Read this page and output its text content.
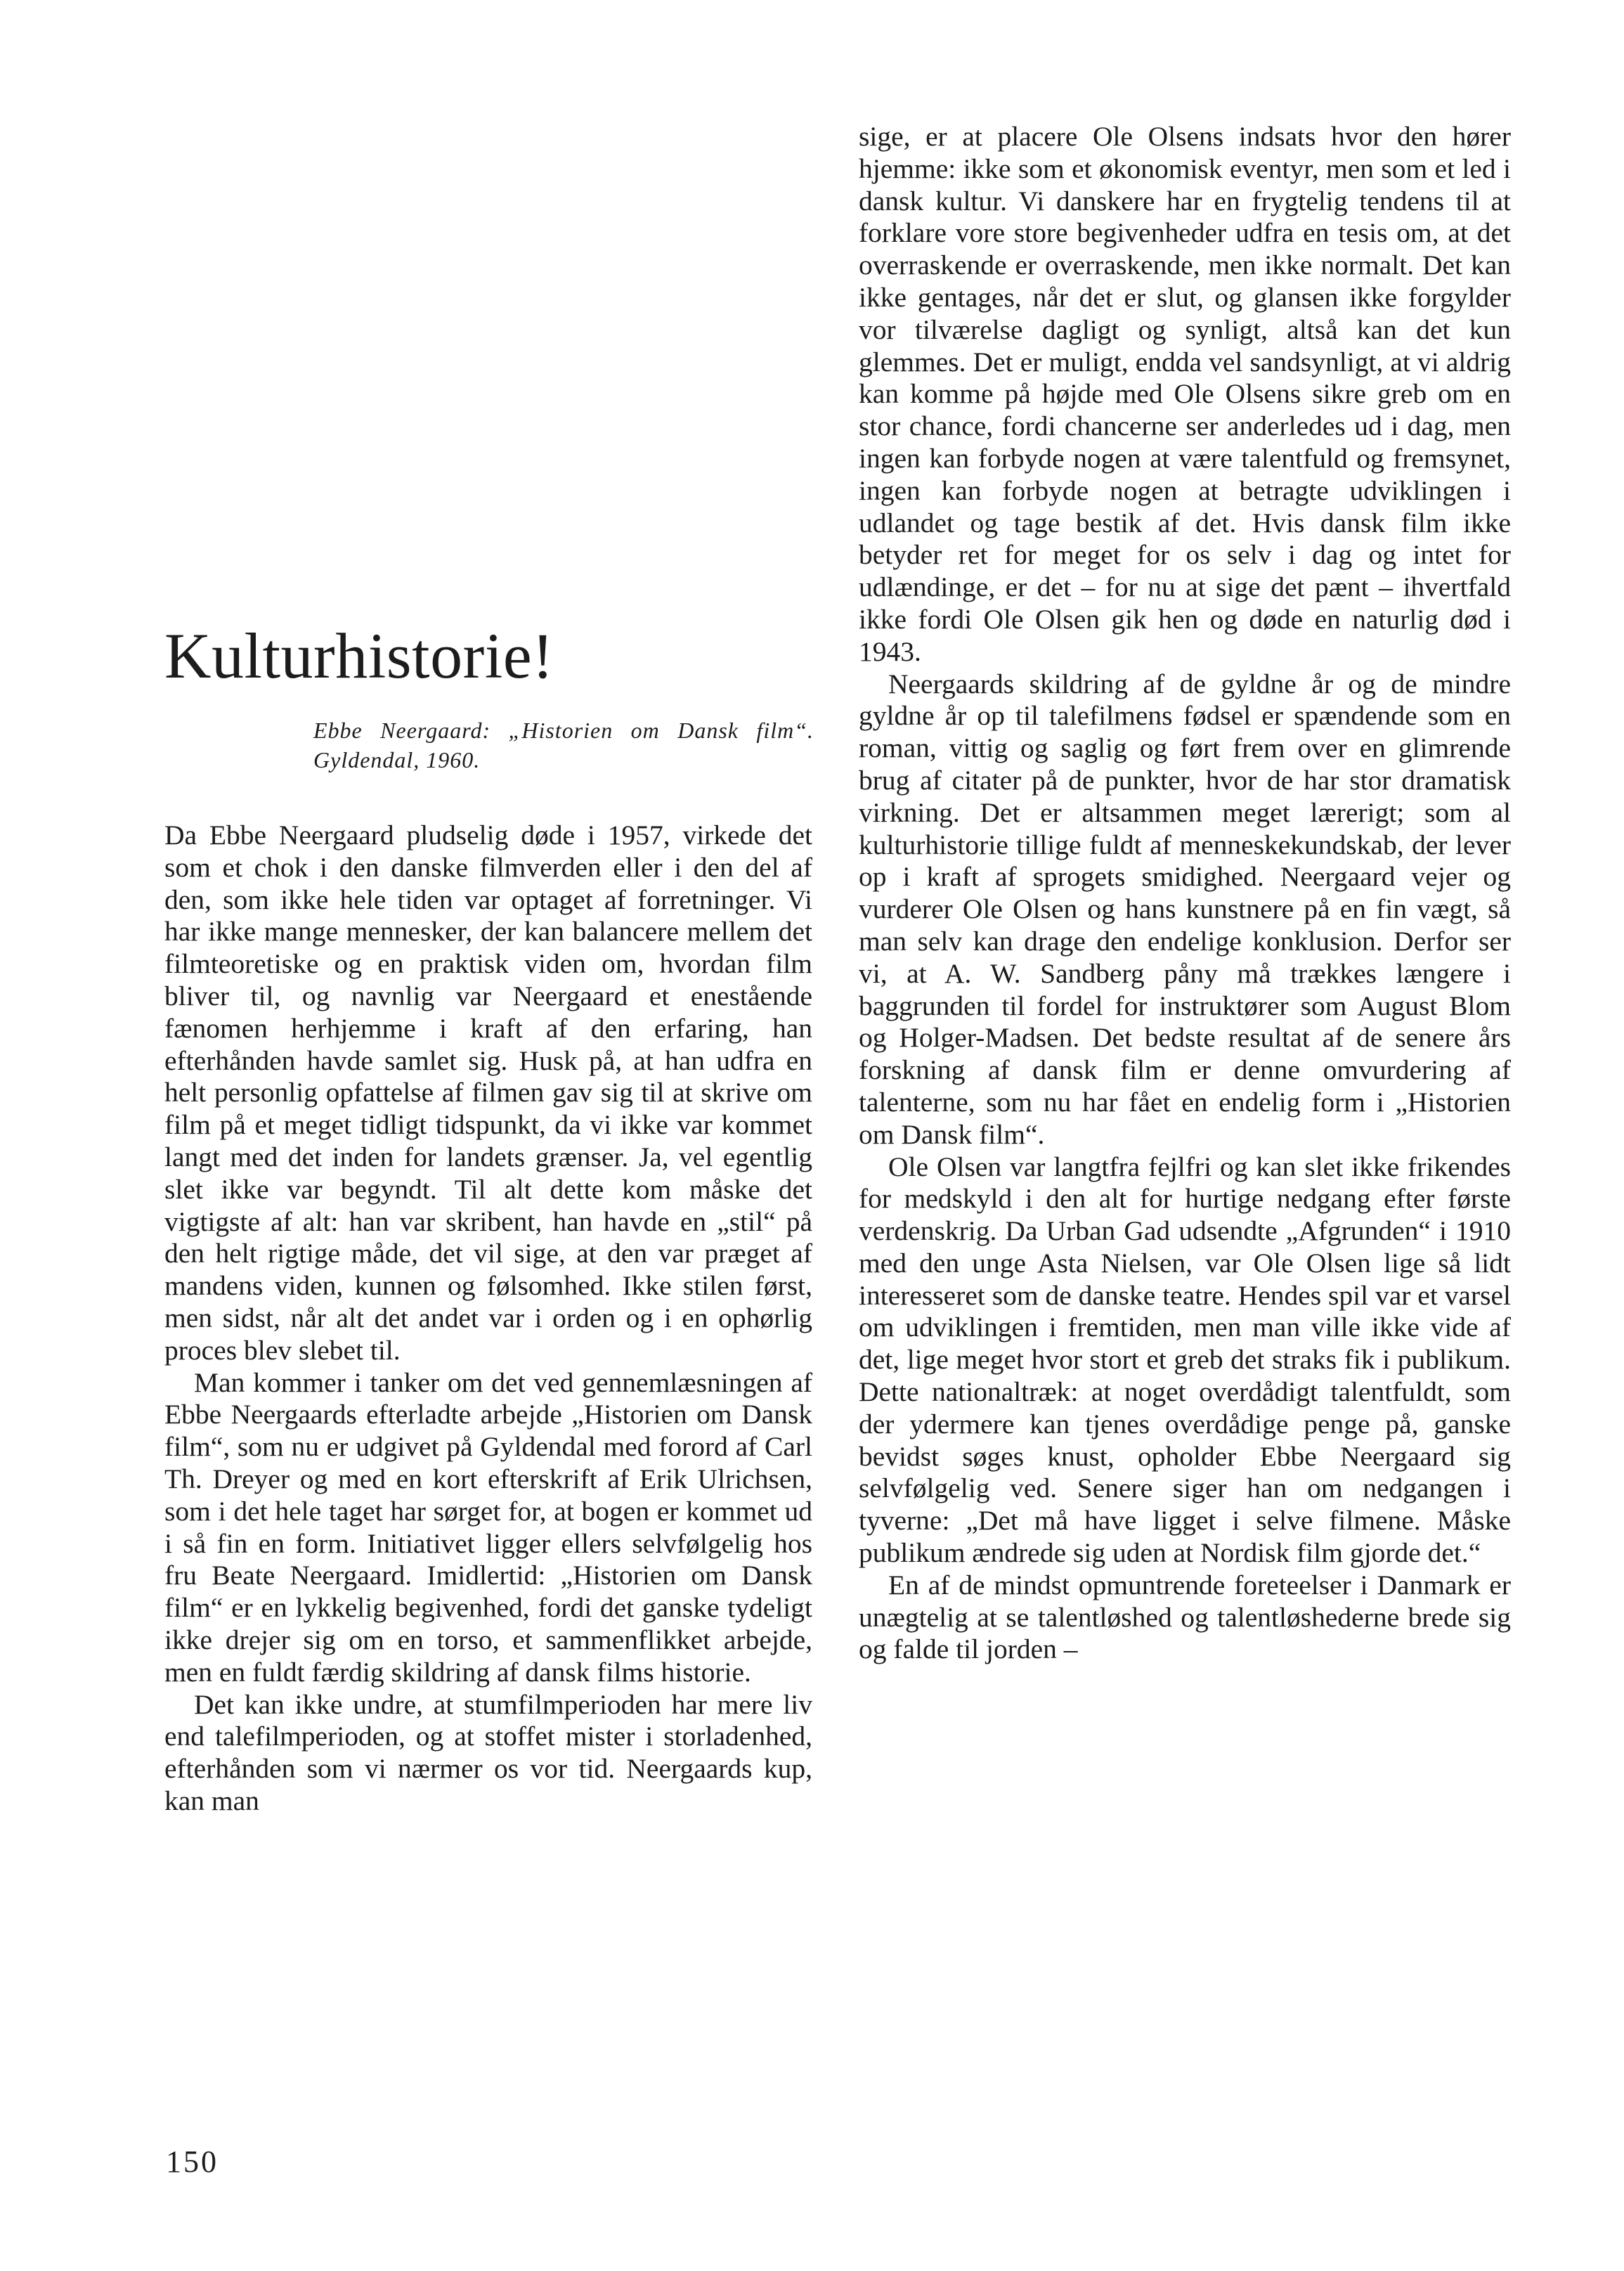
Kulturhistorie!
Ebbe Neergaard: „Historien om Dansk film“. Gyldendal, 1960.

Da Ebbe Neergaard pludselig døde i 1957, virkede det som et chok i den danske filmverden eller i den del af den, som ikke hele tiden var optaget af forretninger. Vi har ikke mange mennesker, der kan balancere mellem det filmteoretiske og en praktisk viden om, hvordan film bliver til, og navnlig var Neergaard et enestående fænomen herhjemme i kraft af den erfaring, han efterhånden havde samlet sig. Husk på, at han udfra en helt personlig opfattelse af filmen gav sig til at skrive om film på et meget tidligt tidspunkt, da vi ikke var kommet langt med det inden for landets grænser. Ja, vel egentlig slet ikke var begyndt. Til alt dette kom måske det vigtigste af alt: han var skribent, han havde en „stil“ på den helt rigtige måde, det vil sige, at den var præget af mandens viden, kunnen og følsomhed. Ikke stilen først, men sidst, når alt det andet var i orden og i en ophørlig proces blev slebet til.

Man kommer i tanker om det ved gennemlæsningen af Ebbe Neergaards efterladte arbejde „Historien om Dansk film“, som nu er udgivet på Gyldendal med forord af Carl Th. Dreyer og med en kort efterskrift af Erik Ulrichsen, som i det hele taget har sørget for, at bogen er kommet ud i så fin en form. Initiativet ligger ellers selvfølgelig hos fru Beate Neergaard. Imidlertid: „Historien om Dansk film“ er en lykkelig begivenhed, fordi det ganske tydeligt ikke drejer sig om en torso, et sammenflikket arbejde, men en fuldt færdig skildring af dansk films historie.

Det kan ikke undre, at stumfilmperioden har mere liv end talefilmperioden, og at stoffet mister i storladenhed, efterhånden som vi nærmer os vor tid. Neergaards kup, kan man

sige, er at placere Ole Olsens indsats hvor den hører hjemme: ikke som et økonomisk eventyr, men som et led i dansk kultur. Vi danskere har en frygtelig tendens til at forklare vore store begivenheder udfra en tesis om, at det overraskende er overraskende, men ikke normalt. Det kan ikke gentages, når det er slut, og glansen ikke forgylder vor tilværelse dagligt og synligt, altså kan det kun glemmes. Det er muligt, endda vel sandsynligt, at vi aldrig kan komme på højde med Ole Olsens sikre greb om en stor chance, fordi chancerne ser anderledes ud i dag, men ingen kan forbyde nogen at være talentfuld og fremsynet, ingen kan forbyde nogen at betragte udviklingen i udlandet og tage bestik af det. Hvis dansk film ikke betyder ret for meget for os selv i dag og intet for udlændinge, er det – for nu at sige det pænt – ihvertfald ikke fordi Ole Olsen gik hen og døde en naturlig død i 1943.

Neergaards skildring af de gyldne år og de mindre gyldne år op til talefilmens fødsel er spændende som en roman, vittig og saglig og ført frem over en glimrende brug af citater på de punkter, hvor de har stor dramatisk virkning. Det er altsammen meget lærerigt; som al kulturhistorie tillige fuldt af menneskekundskab, der lever op i kraft af sprogets smidighed. Neergaard vejer og vurderer Ole Olsen og hans kunstnere på en fin vægt, så man selv kan drage den endelige konklusion. Derfor ser vi, at A. W. Sandberg påny må trækkes længere i baggrunden til fordel for instruktører som August Blom og Holger-Madsen. Det bedste resultat af de senere års forskning af dansk film er denne omvurdering af talenterne, som nu har fået en endelig form i „Historien om Dansk film“.

Ole Olsen var langtfra fejlfri og kan slet ikke frikendes for medskyld i den alt for hurtige nedgang efter første verdenskrig. Da Urban Gad udsendte „Afgrunden“ i 1910 med den unge Asta Nielsen, var Ole Olsen lige så lidt interesseret som de danske teatre. Hendes spil var et varsel om udviklingen i fremtiden, men man ville ikke vide af det, lige meget hvor stort et greb det straks fik i publikum. Dette nationaltræk: at noget overdådigt talentfuldt, som der ydermere kan tjenes overdådige penge på, ganske bevidst søges knust, opholder Ebbe Neergaard sig selvfølgelig ved. Senere siger han om nedgangen i tyverne: „Det må have ligget i selve filmene. Måske publikum ændrede sig uden at Nordisk film gjorde det.“

En af de mindst opmuntrende foreteelser i Danmark er unægtelig at se talentløshed og talentløshederne brede sig og falde til jorden –

150
